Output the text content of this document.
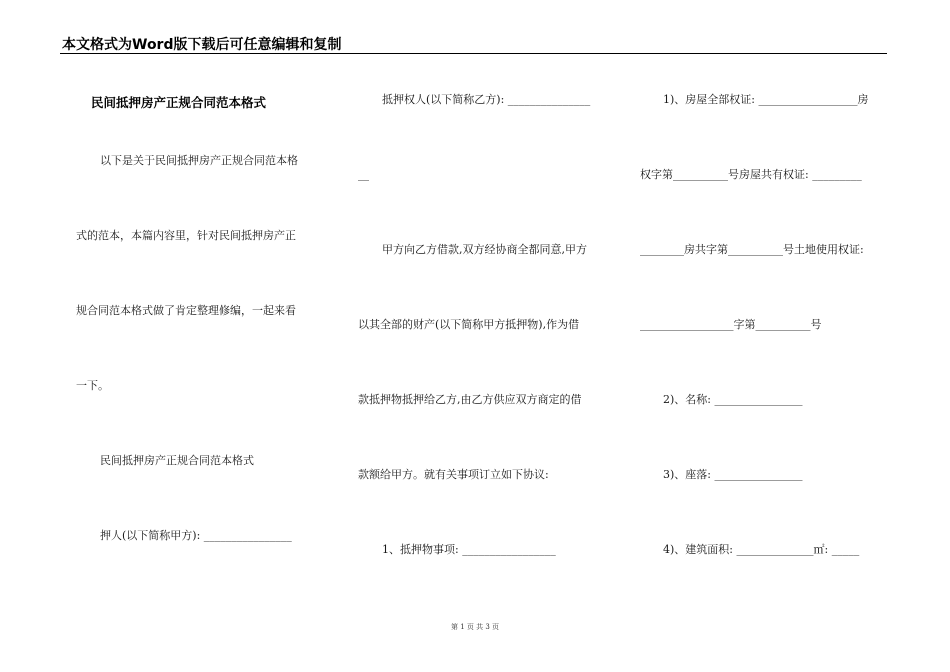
本文格式为Word版下载后可任意编辑和复制
民间抵押房产正规合同范本格式
以下是关于民间抵押房产正规合同范本格
式的范本，本篇内容里，针对民间抵押房产正
规合同范本格式做了肯定整理修编，一起来看
一下。
民间抵押房产正规合同范本格式
押人(以下简称甲方): ________________
抵押权人(以下简称乙方): _______________
__
甲方向乙方借款,双方经协商全都同意,甲方
以其全部的财产(以下简称甲方抵押物),作为借
款抵押物抵押给乙方,由乙方供应双方商定的借
款额给甲方。就有关事项订立如下协议:
1、抵押物事项: _________________
1)、房屋全部权证: __________________房
权字第__________号房屋共有权证: _________
________房共字第__________号土地使用权证:
_________________字第__________号
2)、名称: ________________
3)、座落: ________________
4)、建筑面积: ______________㎡: _____
第 1 页 共 3 页
